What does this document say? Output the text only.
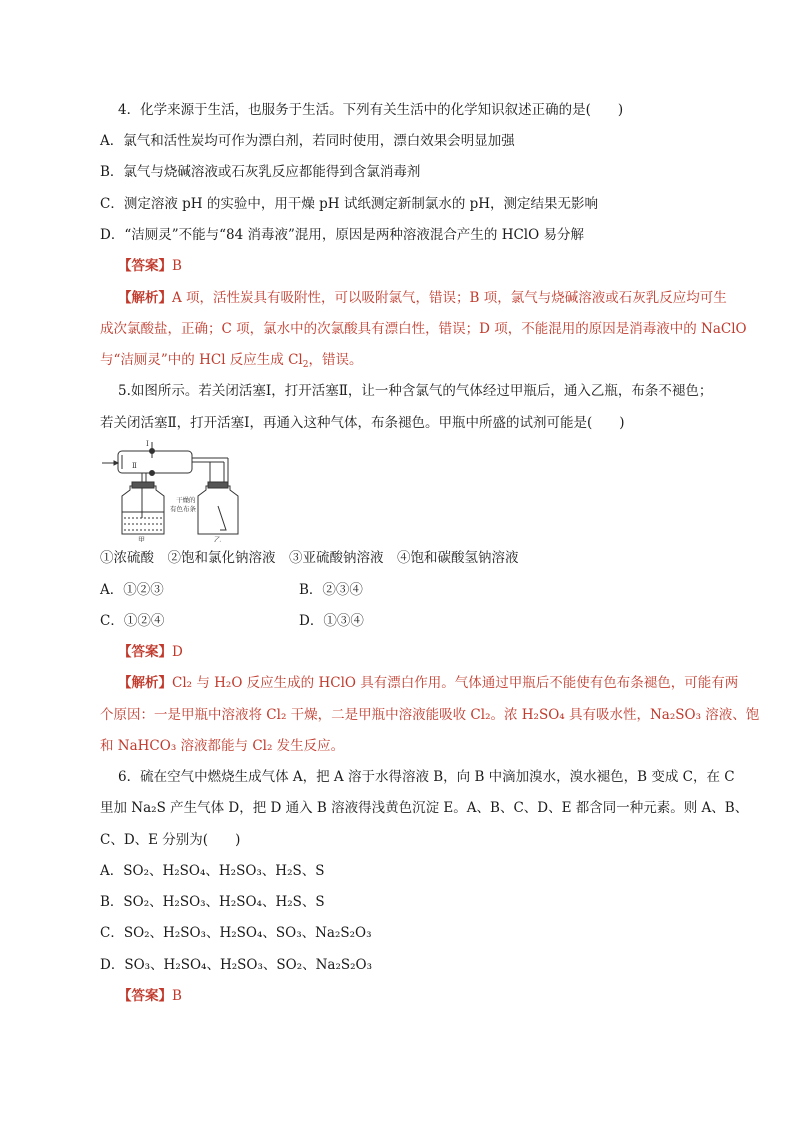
4．化学来源于生活，也服务于生活。下列有关生活中的化学知识叙述正确的是(　　)
A．氯气和活性炭均可作为漂白剂，若同时使用，漂白效果会明显加强
B．氯气与烧碱溶液或石灰乳反应都能得到含氯消毒剂
C．测定溶液 pH 的实验中，用干燥 pH 试纸测定新制氯水的 pH，测定结果无影响
D．“洁厕灵”不能与“84 消毒液”混用，原因是两种溶液混合产生的 HClO 易分解
【答案】B
【解析】A 项，活性炭具有吸附性，可以吸附氯气，错误；B 项，氯气与烧碱溶液或石灰乳反应均可生
成次氯酸盐，正确；C 项，氯水中的次氯酸具有漂白性，错误；D 项，不能混用的原因是消毒液中的 NaClO
与“洁厕灵”中的 HCl 反应生成 $Cl_2$，错误。
5.如图所示。若关闭活塞Ⅰ，打开活塞Ⅱ，让一种含氯气的气体经过甲瓶后，通入乙瓶，布条不褪色；
若关闭活塞Ⅱ，打开活塞Ⅰ，再通入这种气体，布条褪色。甲瓶中所盛的试剂可能是(　　)
Ⅰ
Ⅱ
干燥的
有色布条
甲	乙
①浓硫酸　②饱和氯化钠溶液　③亚硫酸钠溶液　④饱和碳酸氢钠溶液
A．①②③	B．②③④
C．①②④	D．①③④
【答案】D
【解析】Cl₂ 与 H₂O 反应生成的 HClO 具有漂白作用。气体通过甲瓶后不能使有色布条褪色，可能有两
个原因：一是甲瓶中溶液将 Cl₂ 干燥，二是甲瓶中溶液能吸收 Cl₂。浓 H₂SO₄ 具有吸水性，Na₂SO₃ 溶液、饱
和 NaHCO₃ 溶液都能与 Cl₂ 发生反应。
6．硫在空气中燃烧生成气体 A，把 A 溶于水得溶液 B，向 B 中滴加溴水，溴水褪色，B 变成 C，在 C
里加 Na₂S 产生气体 D，把 D 通入 B 溶液得浅黄色沉淀 E。A、B、C、D、E 都含同一种元素。则 A、B、
C、D、E 分别为(　　)
A．SO₂、H₂SO₄、H₂SO₃、H₂S、S
B．SO₂、H₂SO₃、H₂SO₄、H₂S、S
C．SO₂、H₂SO₃、H₂SO₄、SO₃、Na₂S₂O₃
D．SO₃、H₂SO₄、H₂SO₃、SO₂、Na₂S₂O₃
【答案】B
